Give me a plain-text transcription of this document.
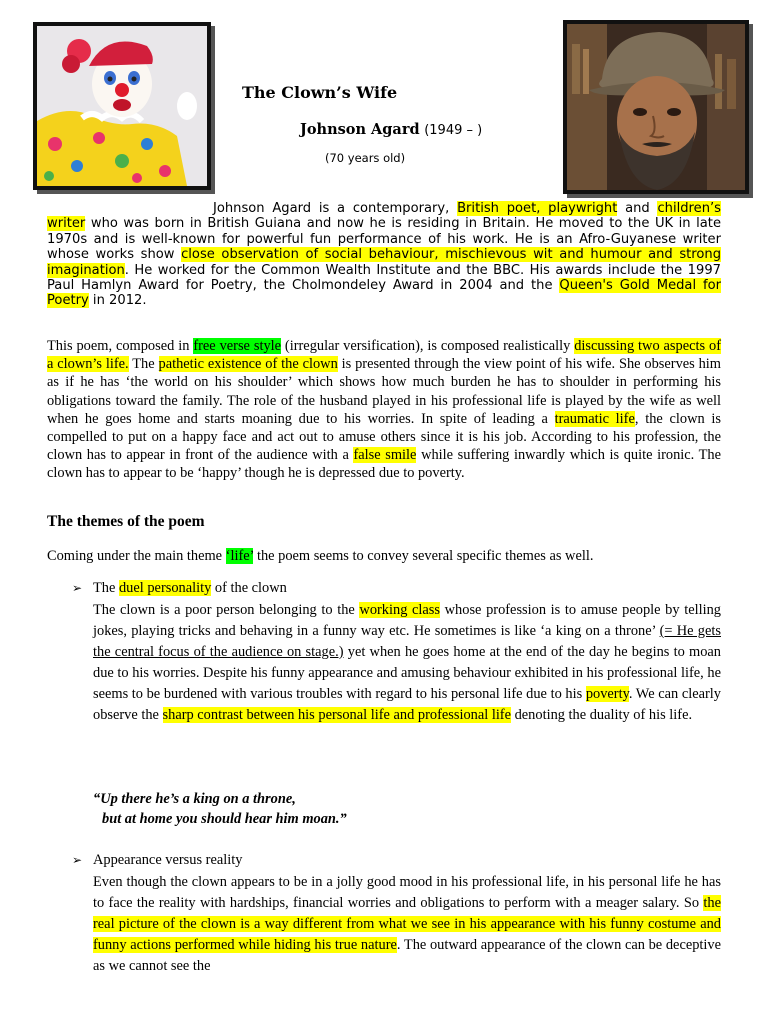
The Clown’s Wife
Johnson Agard (1949 – )
(70 years old)

Johnson Agard is a contemporary, British poet, playwright and children’s writer who was born in British Guiana and now he is residing in Britain. He moved to the UK in late 1970s and is well-known for powerful fun performance of his work. He is an Afro-Guyanese writer whose works show close observation of social behaviour, mischievous wit and humour and strong imagination. He worked for the Common Wealth Institute and the BBC. His awards include the 1997 Paul Hamlyn Award for Poetry, the Cholmondeley Award in 2004 and the Queen's Gold Medal for Poetry in 2012.

This poem, composed in free verse style (irregular versification), is composed realistically discussing two aspects of a clown’s life. The pathetic existence of the clown is presented through the view point of his wife. She observes him as if he has ‘the world on his shoulder’ which shows how much burden he has to shoulder in performing his obligations toward the family. The role of the husband played in his professional life is played by the wife as well when he goes home and starts moaning due to his worries. In spite of leading a traumatic life, the clown is compelled to put on a happy face and act out to amuse others since it is his job. According to his profession, the clown has to appear in front of the audience with a false smile while suffering inwardly which is quite ironic. The clown has to appear to be ‘happy’ though he is depressed due to poverty.

The themes of the poem
Coming under the main theme ‘life’ the poem seems to convey several specific themes as well.
➢ The duel personality of the clown

The clown is a poor person belonging to the working class whose profession is to amuse people by telling jokes, playing tricks and behaving in a funny way etc. He sometimes is like ‘a king on a throne’ (= He gets the central focus of the audience on stage.) yet when he goes home at the end of the day he begins to moan due to his worries. Despite his funny appearance and amusing behaviour exhibited in his professional life, he seems to be burdened with various troubles with regard to his personal life due to his poverty. We can clearly observe the sharp contrast between his personal life and professional life denoting the duality of his life.

“Up there he’s a king on a throne,
but at home you should hear him moan.”
➢ Appearance versus reality

Even though the clown appears to be in a jolly good mood in his professional life, in his personal life he has to face the reality with hardships, financial worries and obligations to perform with a meager salary. So the real picture of the clown is a way different from what we see in his appearance with his funny costume and funny actions performed while hiding his true nature. The outward appearance of the clown can be deceptive as we cannot see the
